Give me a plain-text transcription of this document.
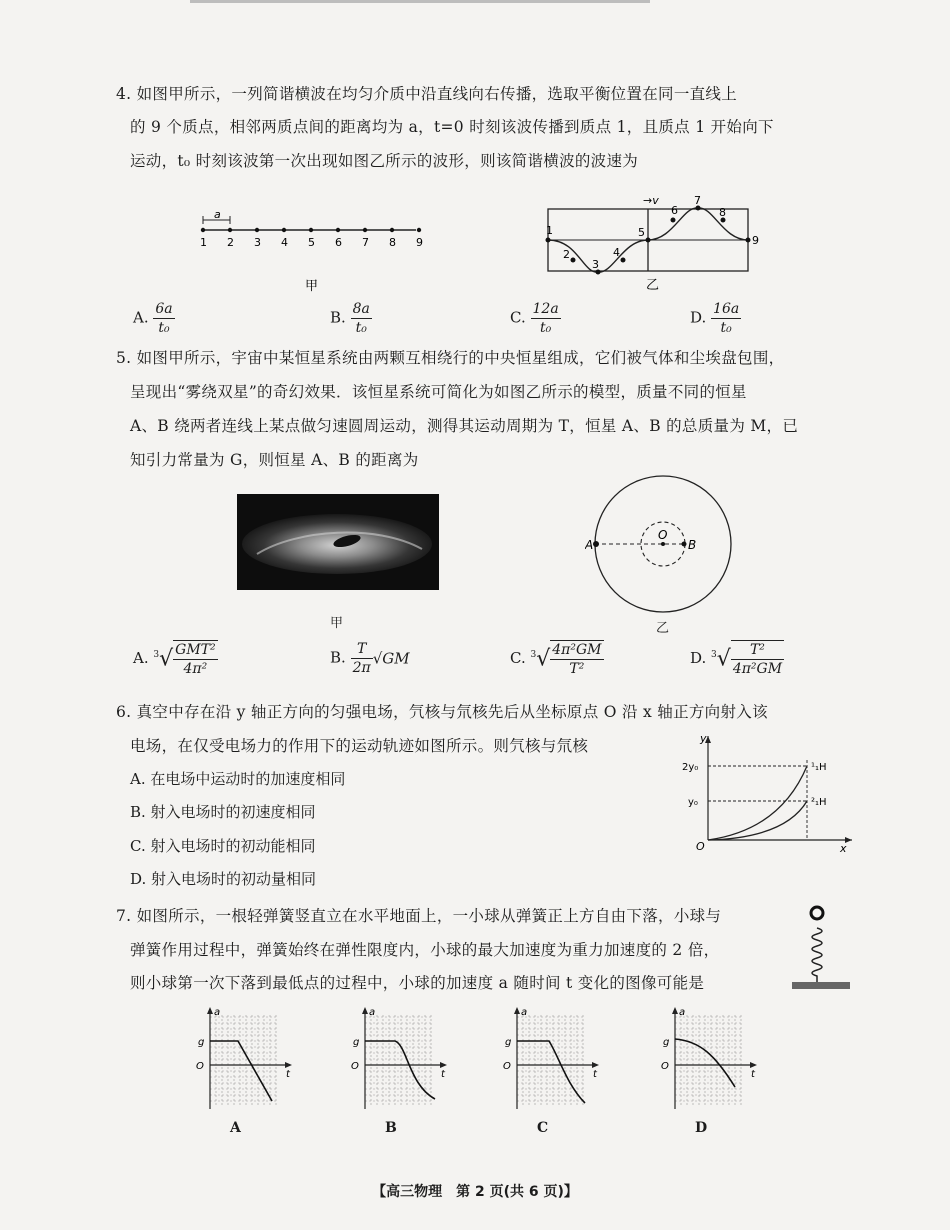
4. 如图甲所示，一列简谐横波在均匀介质中沿直线向右传播，选取平衡位置在同一直线上
的 9 个质点，相邻两质点间的距离均为 a，t=0 时刻该波传播到质点 1，且质点 1 开始向下
运动，t₀ 时刻该波第一次出现如图乙所示的波形，则该简谐横波的波速为
a
1 2 3 4 5 6 7 8 9
甲
→v
1
2
3
4
5
6
7
8
9
乙
A. $\frac{6a}{\text{t₀}}$	B. $\frac{8a}{\text{t₀}}$	C. $\frac{12a}{\text{t₀}}$	D. $\frac{16a}{\text{t₀}}$
5. 如图甲所示，宇宙中某恒星系统由两颗互相绕行的中央恒星组成，它们被气体和尘埃盘包围，
呈现出“雾绕双星”的奇幻效果．该恒星系统可简化为如图乙所示的模型，质量不同的恒星
A、B 绕两者连线上某点做匀速圆周运动，测得其运动周期为 T，恒星 A、B 的总质量为 M，已
知引力常量为 G，则恒星 A、B 的距离为
甲
A
O
B
乙
A. $^3√ \frac{\text{GMT²}}{\text{4π²}}$	B. $\frac{T}{2\pi} √GM$	C. $^3√ \frac{\text{4π²GM}}{\text{T²}}$	D. $^3√ \frac{\text{T²}}{\text{4π²GM}}$
6. 真空中存在沿 y 轴正方向的匀强电场，氕核与氘核先后从坐标原点 O 沿 x 轴正方向射入该
电场，在仅受电场力的作用下的运动轨迹如图所示。则氕核与氘核
A. 在电场中运动时的加速度相同
B. 射入电场时的初速度相同
C. 射入电场时的初动能相同
D. 射入电场时的初动量相同
y
x
O
2y₀
y₀
¹₁H
²₁H
7. 如图所示，一根轻弹簧竖直立在水平地面上，一小球从弹簧正上方自由下落，小球与
弹簧作用过程中，弹簧始终在弹性限度内，小球的最大加速度为重力加速度的 2 倍，
则小球第一次下落到最低点的过程中，小球的加速度 a 随时间 t 变化的图像可能是
a
t
g
O
A
a
t
g
O
B
a
t
g
O
C
a
t
g
O
D
【高三物理　第 2 页(共 6 页)】
